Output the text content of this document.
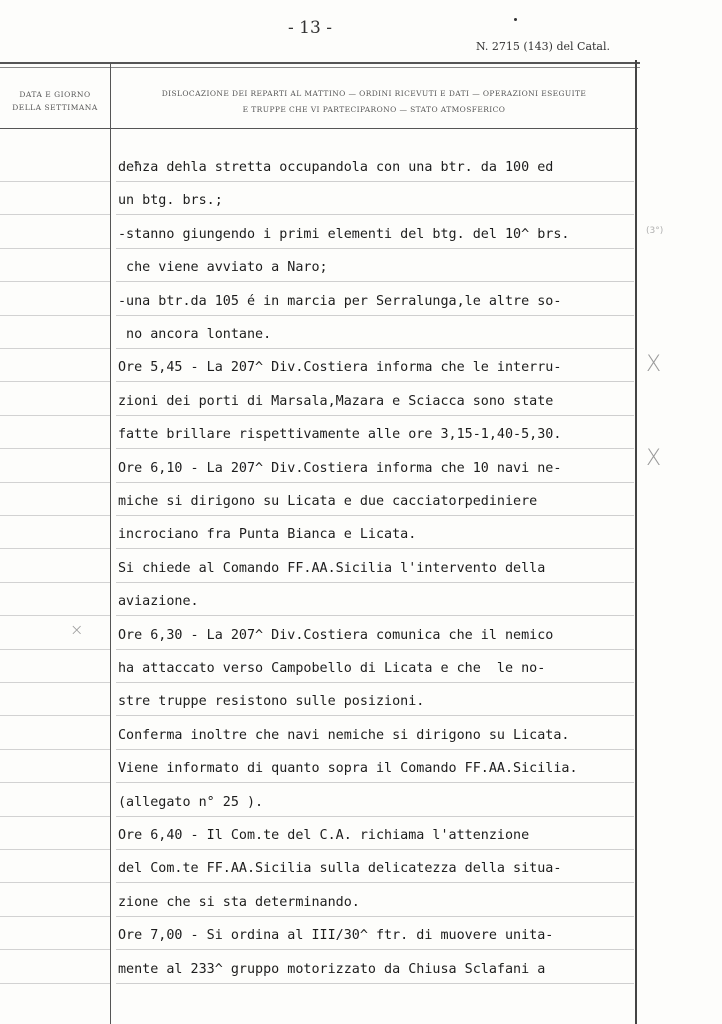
- 13 -
N. 2715 (143) del Catal.
DATA E GIORNO
DELLA SETTIMANA
DISLOCAZIONE DEI REPARTI AL MATTINO — ORDINI RICEVUTI E DATI — OPERAZIONI ESEGUITE
E TRUPPE CHE VI PARTECIPARONO — STATO ATMOSFERICO
deħza dehla stretta occupandola con una btr. da 100 ed
un btg. brs.;
-stanno giungendo i primi elementi del btg. del 10^ brs.
che viene avviato a Naro;
-una btr.da 105 é in marcia per Serralunga,le altre so-
no ancora lontane.
Ore 5,45 - La 207^ Div.Costiera informa che le interru-
zioni dei porti di Marsala,Mazara e Sciacca sono state
fatte brillare rispettivamente alle ore 3,15-1,40-5,30.
Ore 6,10 - La 207^ Div.Costiera informa che 10 navi ne-
miche si dirigono su Licata e due cacciatorpediniere
incrociano fra Punta Bianca e Licata.
Si chiede al Comando FF.AA.Sicilia l'intervento della
aviazione.
Ore 6,30 - La 207^ Div.Costiera comunica che il nemico
ha attaccato verso Campobello di Licata e che  le no-
stre truppe resistono sulle posizioni.
Conferma inoltre che navi nemiche si dirigono su Licata.
Viene informato di quanto sopra il Comando FF.AA.Sicilia.
(allegato n° 25 ).
Ore 6,40 - Il Com.te del C.A. richiama l'attenzione
del Com.te FF.AA.Sicilia sulla delicatezza della situa-
zione che si sta determinando.
Ore 7,00 - Si ordina al III/30^ ftr. di muovere unita-
mente al 233^ gruppo motorizzato da Chiusa Sclafani a
X
X
×
(3°)
